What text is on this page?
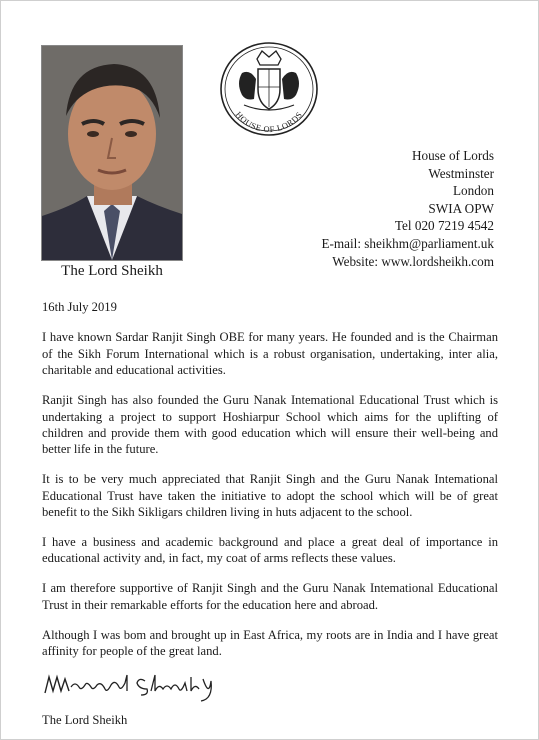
The Lord Sheikh
HOUSE OF LORDS
House of Lords
Westminster
London
SWIA OPW
Tel 020 7219 4542
E-mail: sheikhm@parliament.uk
Website: www.lordsheikh.com

16th July 2019

I have known Sardar Ranjit Singh OBE for many years. He founded and is the Chairman of the Sikh Forum International which is a robust organisation, undertaking, inter alia, charitable and educational activities.

Ranjit Singh has also founded the Guru Nanak Intemational Educational Trust which is undertaking a project to support Hoshiarpur School which aims for the uplifting of children and provide them with good education which will ensure their well-being and better life in the future.

It is to be very much appreciated that Ranjit Singh and the Guru Nanak Intemational Educational Trust have taken the initiative to adopt the school which will be of great benefit to the Sikh Sikligars children living in huts adjacent to the school.

I have a business and academic background and place a great deal of importance in educational activity and, in fact, my coat of arms reflects these values.

I am therefore supportive of Ranjit Singh and the Guru Nanak Intemational Educational Trust in their remarkable efforts for the education here and abroad.

Although I was bom and brought up in East Africa, my roots are in India and I have great affinity for people of the great land.

The Lord Sheikh
